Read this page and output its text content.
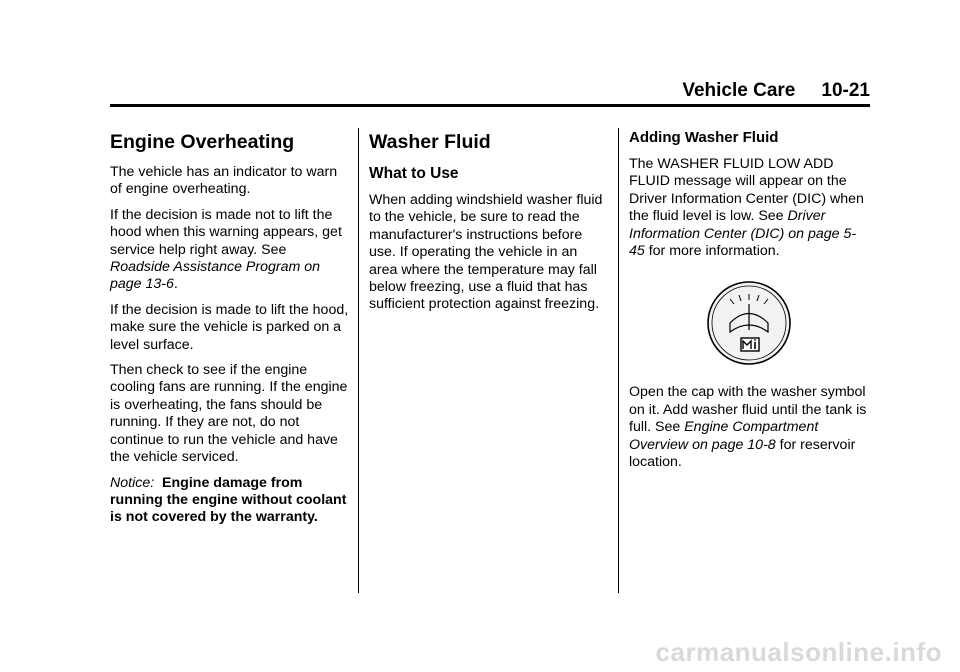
Vehicle Care 10-21
Engine Overheating

The vehicle has an indicator to warn of engine overheating.

If the decision is made not to lift the hood when this warning appears, get service help right away. See Roadside Assistance Program on page 13-6.

If the decision is made to lift the hood, make sure the vehicle is parked on a level surface.

Then check to see if the engine cooling fans are running. If the engine is overheating, the fans should be running. If they are not, do not continue to run the vehicle and have the vehicle serviced.

Notice: Engine damage from running the engine without coolant is not covered by the warranty.

Washer Fluid
What to Use

When adding windshield washer fluid to the vehicle, be sure to read the manufacturer's instructions before use. If operating the vehicle in an area where the temperature may fall below freezing, use a fluid that has sufficient protection against freezing.

Adding Washer Fluid

The WASHER FLUID LOW ADD FLUID message will appear on the Driver Information Center (DIC) when the fluid level is low. See Driver Information Center (DIC) on page 5-45 for more information.

Open the cap with the washer symbol on it. Add washer fluid until the tank is full. See Engine Compartment Overview on page 10-8 for reservoir location.

carmanualsonline.info
